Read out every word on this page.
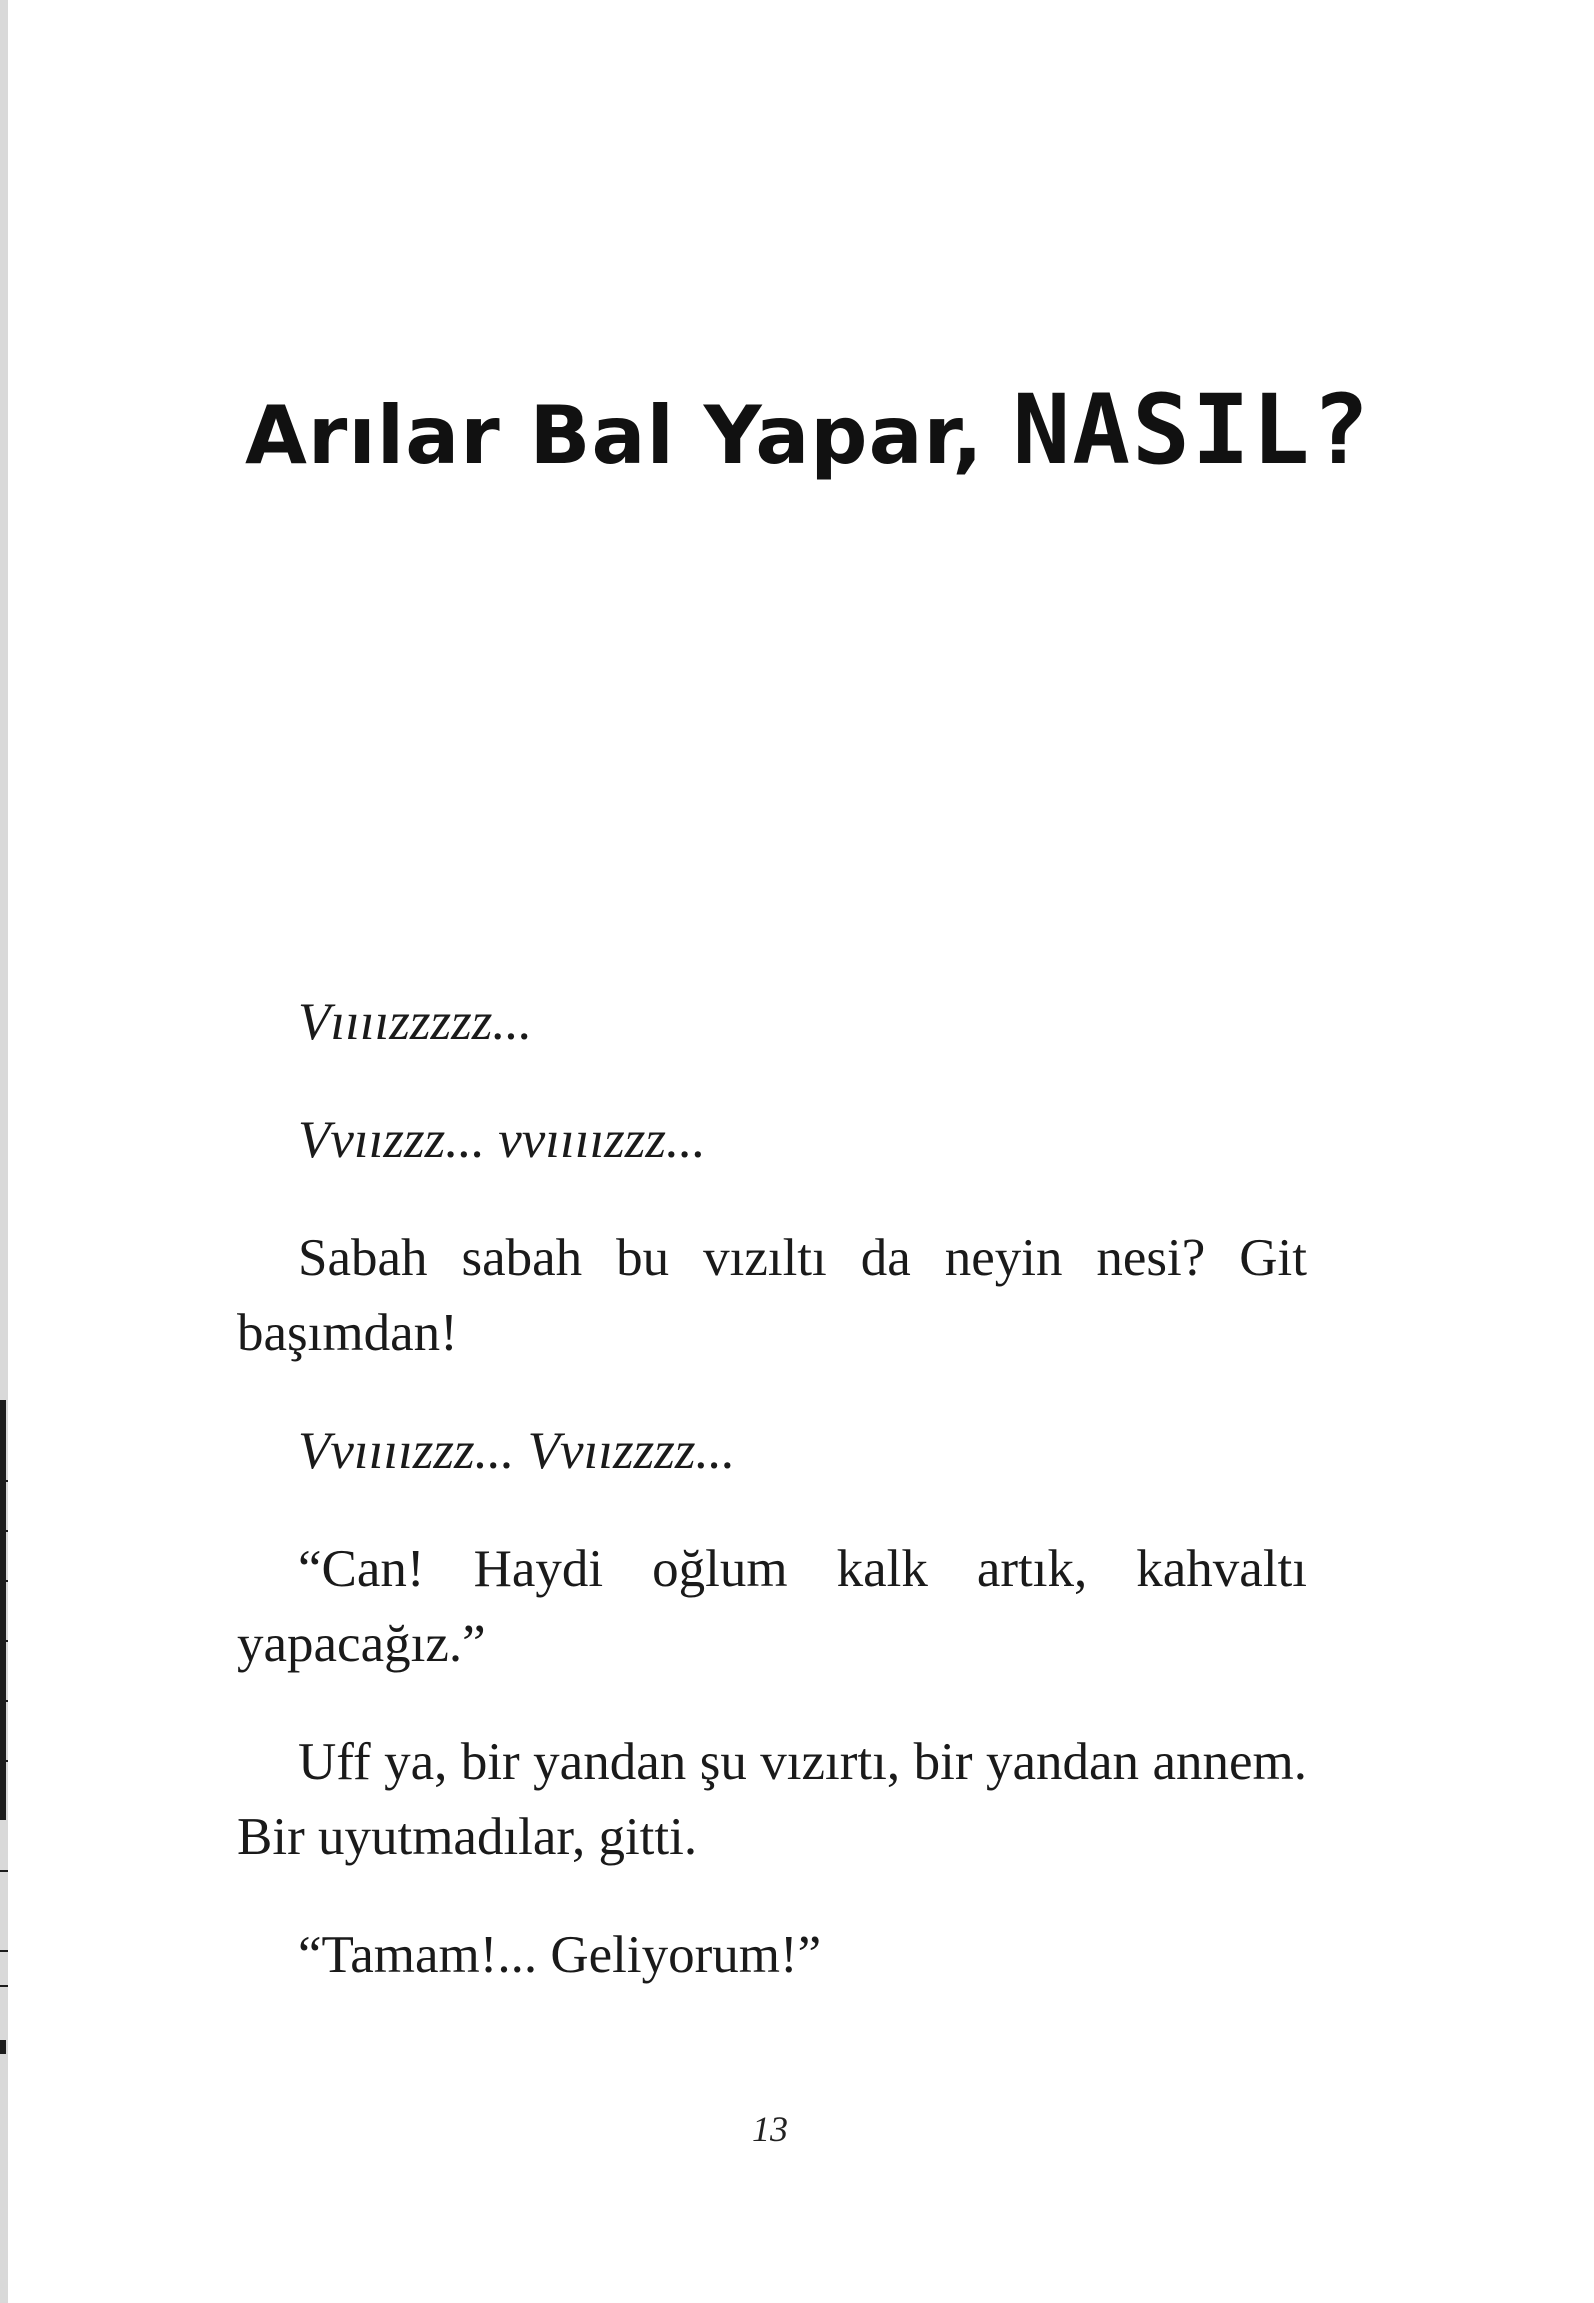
Arılar Bal Yapar, NASIL?

Vıııızzzzz...

Vvıızzz... vvıııızzz...

Sabah sabah bu vızıltı da neyin nesi? Git başımdan!

Vvıııızzz... Vvıızzzz...

“Can! Haydi oğlum kalk artık, kahvaltı yapacağız.”

Uff ya, bir yandan şu vızırtı, bir yandan annem. Bir uyutmadılar, gitti.

“Tamam!... Geliyorum!”

13
